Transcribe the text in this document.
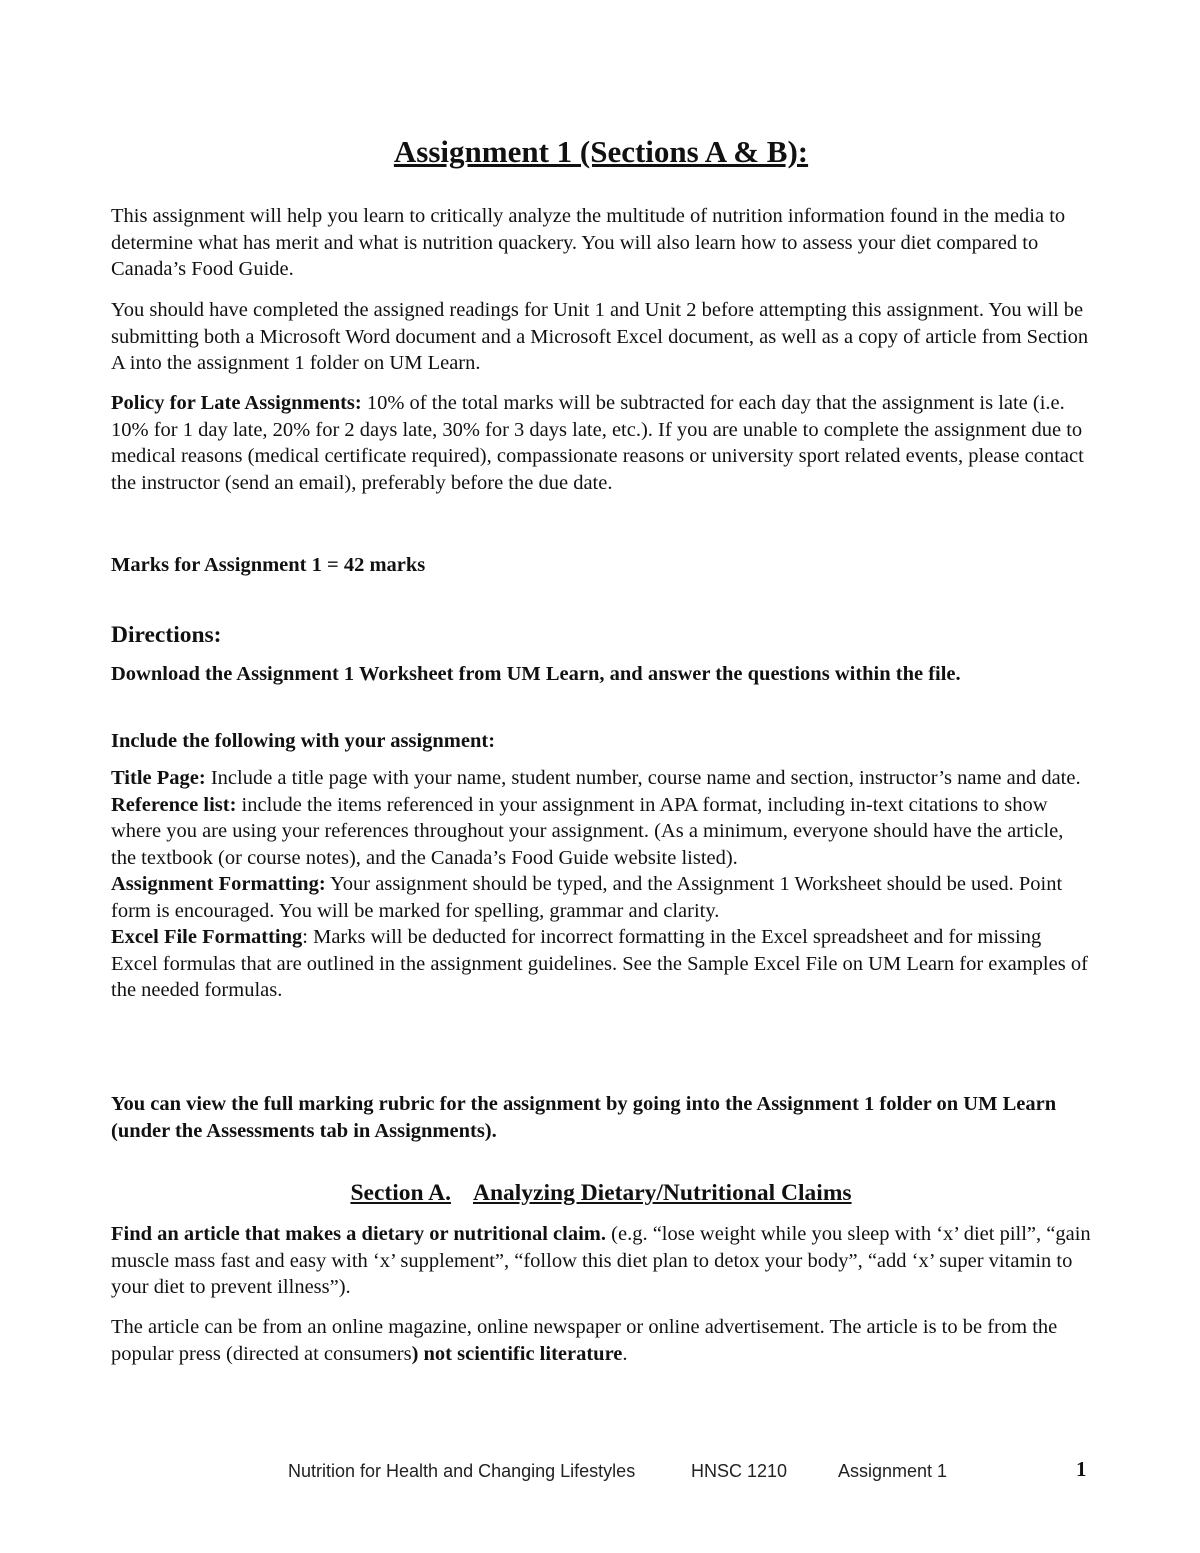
Assignment 1 (Sections A & B):

This assignment will help you learn to critically analyze the multitude of nutrition information found in the media to determine what has merit and what is nutrition quackery. You will also learn how to assess your diet compared to Canada’s Food Guide.

You should have completed the assigned readings for Unit 1 and Unit 2 before attempting this assignment. You will be submitting both a Microsoft Word document and a Microsoft Excel document, as well as a copy of article from Section A into the assignment 1 folder on UM Learn.

Policy for Late Assignments: 10% of the total marks will be subtracted for each day that the assignment is late (i.e. 10% for 1 day late, 20% for 2 days late, 30% for 3 days late, etc.). If you are unable to complete the assignment due to medical reasons (medical certificate required), compassionate reasons or university sport related events, please contact the instructor (send an email), preferably before the due date.

Marks for Assignment 1 = 42 marks

Directions:

Download the Assignment 1 Worksheet from UM Learn, and answer the questions within the file.

Include the following with your assignment:

Title Page: Include a title page with your name, student number, course name and section, instructor’s name and date.
Reference list: include the items referenced in your assignment in APA format, including in-text citations to show where you are using your references throughout your assignment. (As a minimum, everyone should have the article, the textbook (or course notes), and the Canada’s Food Guide website listed).
Assignment Formatting: Your assignment should be typed, and the Assignment 1 Worksheet should be used. Point form is encouraged. You will be marked for spelling, grammar and clarity.
Excel File Formatting: Marks will be deducted for incorrect formatting in the Excel spreadsheet and for missing Excel formulas that are outlined in the assignment guidelines. See the Sample Excel File on UM Learn for examples of the needed formulas.

You can view the full marking rubric for the assignment by going into the Assignment 1 folder on UM Learn (under the Assessments tab in Assignments).

Section A. Analyzing Dietary/Nutritional Claims

Find an article that makes a dietary or nutritional claim. (e.g. “lose weight while you sleep with ‘x’ diet pill”, “gain muscle mass fast and easy with ‘x’ supplement”, “follow this diet plan to detox your body”, “add ‘x’ super vitamin to your diet to prevent illness”).

The article can be from an online magazine, online newspaper or online advertisement. The article is to be from the popular press (directed at consumers) not scientific literature.

Nutrition for Health and Changing Lifestyles	HNSC 1210	Assignment 1	1
